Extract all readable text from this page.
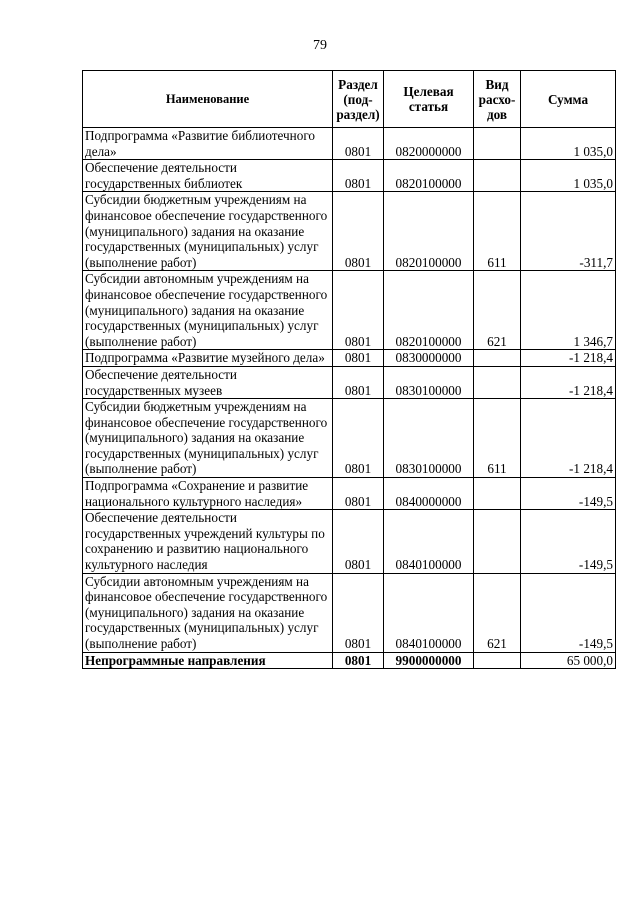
79
Наименование	Раздел (под-раздел)	Целевая статья	Вид расхо-дов	Сумма
Подпрограмма «Развитие библиотечного дела»	0801	0820000000		1 035,0
Обеспечение деятельности государственных библиотек	0801	0820100000		1 035,0
Субсидии бюджетным учреждениям на финансовое обеспечение государственного (муниципального) задания на оказание государственных (муниципальных) услуг (выполнение работ)	0801	0820100000	611	-311,7
Субсидии автономным учреждениям на финансовое обеспечение государственного (муниципального) задания на оказание государственных (муниципальных) услуг (выполнение работ)	0801	0820100000	621	1 346,7
Подпрограмма «Развитие музейного дела»	0801	0830000000		-1 218,4
Обеспечение деятельности государственных музеев	0801	0830100000		-1 218,4
Субсидии бюджетным учреждениям на финансовое обеспечение государственного (муниципального) задания на оказание государственных (муниципальных) услуг (выполнение работ)	0801	0830100000	611	-1 218,4
Подпрограмма «Сохранение и развитие национального культурного наследия»	0801	0840000000		-149,5
Обеспечение деятельности государственных учреждений культуры по сохранению и развитию национального культурного наследия	0801	0840100000		-149,5
Субсидии автономным учреждениям на финансовое обеспечение государственного (муниципального) задания на оказание государственных (муниципальных) услуг (выполнение работ)	0801	0840100000	621	-149,5
Непрограммные направления	0801	9900000000		65 000,0
